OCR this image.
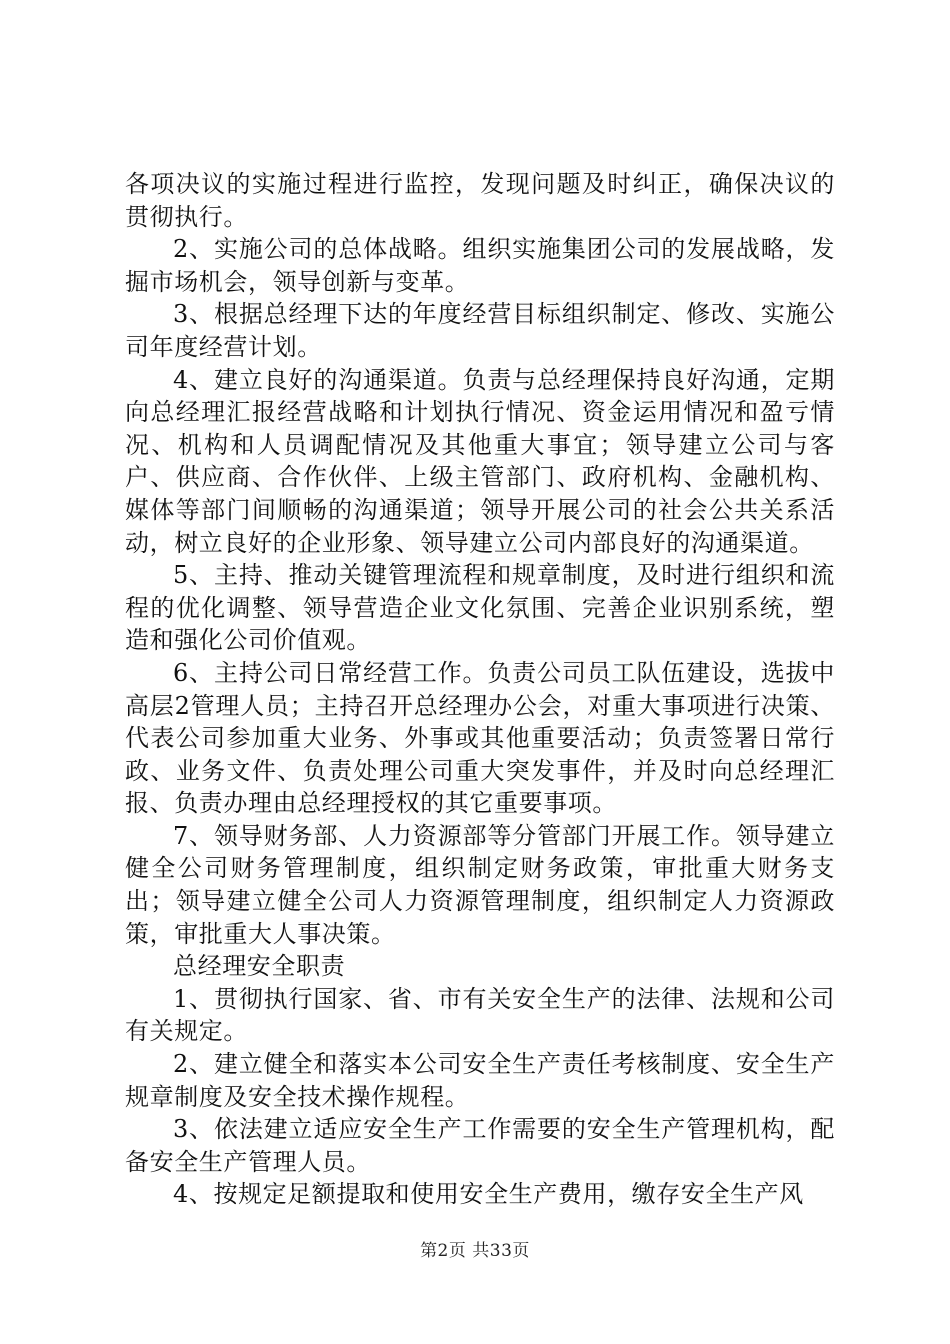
各项决议的实施过程进行监控，发现问题及时纠正，确保决议的贯彻执行。

2、实施公司的总体战略。组织实施集团公司的发展战略，发掘市场机会，领导创新与变革。

3、根据总经理下达的年度经营目标组织制定、修改、实施公司年度经营计划。

4、建立良好的沟通渠道。负责与总经理保持良好沟通，定期向总经理汇报经营战略和计划执行情况、资金运用情况和盈亏情况、机构和人员调配情况及其他重大事宜；领导建立公司与客户、供应商、合作伙伴、上级主管部门、政府机构、金融机构、媒体等部门间顺畅的沟通渠道；领导开展公司的社会公共关系活动，树立良好的企业形象、领导建立公司内部良好的沟通渠道。

5、主持、推动关键管理流程和规章制度，及时进行组织和流程的优化调整、领导营造企业文化氛围、完善企业识别系统，塑造和强化公司价值观。

6、主持公司日常经营工作。负责公司员工队伍建设，选拔中高层2管理人员；主持召开总经理办公会，对重大事项进行决策、代表公司参加重大业务、外事或其他重要活动；负责签署日常行政、业务文件、负责处理公司重大突发事件，并及时向总经理汇报、负责办理由总经理授权的其它重要事项。

7、领导财务部、人力资源部等分管部门开展工作。领导建立健全公司财务管理制度，组织制定财务政策，审批重大财务支出；领导建立健全公司人力资源管理制度，组织制定人力资源政策，审批重大人事决策。

总经理安全职责

1、贯彻执行国家、省、市有关安全生产的法律、法规和公司有关规定。

2、建立健全和落实本公司安全生产责任考核制度、安全生产规章制度及安全技术操作规程。

3、依法建立适应安全生产工作需要的安全生产管理机构，配备安全生产管理人员。

4、按规定足额提取和使用安全生产费用，缴存安全生产风

第2页 共33页
